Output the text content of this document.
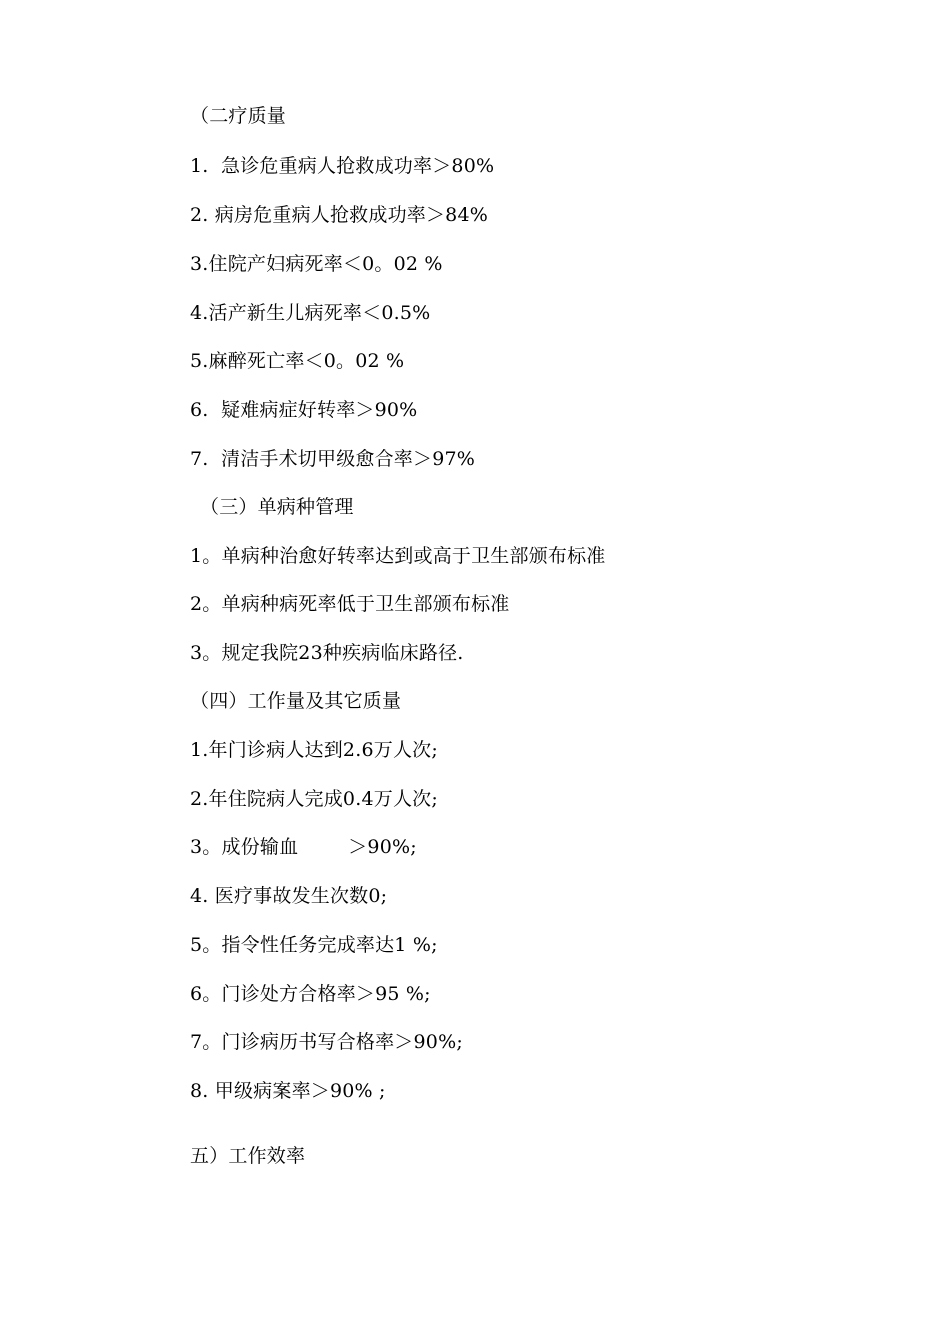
（二疗质量
1.  急诊危重病人抢救成功率＞80%
2. 病房危重病人抢救成功率＞84%
3.住院产妇病死率＜0。02 %
4.活产新生儿病死率＜0.5%
5.麻醉死亡率＜0。02 %
6.  疑难病症好转率＞90%
7.  清洁手术切甲级愈合率＞97%
（三）单病种管理
1。单病种治愈好转率达到或高于卫生部颁布标准
2。单病种病死率低于卫生部颁布标准
3。规定我院23种疾病临床路径.
（四）工作量及其它质量
1.年门诊病人达到2.6万人次;
2.年住院病人完成0.4万人次;
3。成份输血        ＞90%;
4. 医疗事故发生次数0;
5。指令性任务完成率达1 %;
6。门诊处方合格率＞95 %;
7。门诊病历书写合格率＞90%;
8. 甲级病案率＞90% ;
五）工作效率
